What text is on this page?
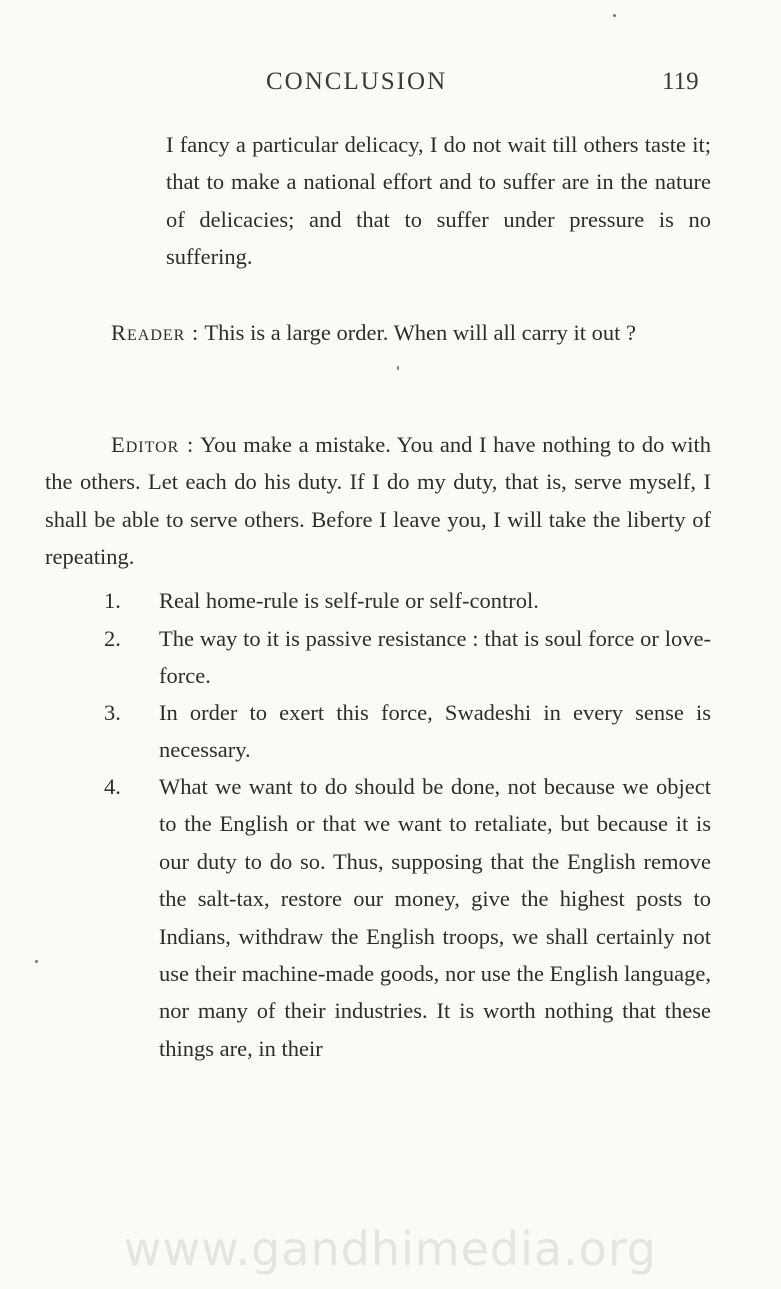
CONCLUSION	119

I fancy a particular delicacy, I do not wait till others taste it; that to make a national effort and to suffer are in the nature of delicacies; and that to suffer under pressure is no suffering.

Reader : This is a large order. When will all carry it out ?

Editor : You make a mistake. You and I have nothing to do with the others. Let each do his duty. If I do my duty, that is, serve myself, I shall be able to serve others. Before I leave you, I will take the liberty of repeating.

1. Real home-rule is self-rule or self-control.
2. The way to it is passive resistance : that is soul force or love-force.
3. In order to exert this force, Swadeshi in every sense is necessary.
4. What we want to do should be done, not because we object to the English or that we want to retaliate, but because it is our duty to do so. Thus, supposing that the English remove the salt-tax, restore our money, give the highest posts to Indians, withdraw the English troops, we shall certainly not use their machine-made goods, nor use the English language, nor many of their industries. It is worth nothing that these things are, in their
www.gandhimedia.org
